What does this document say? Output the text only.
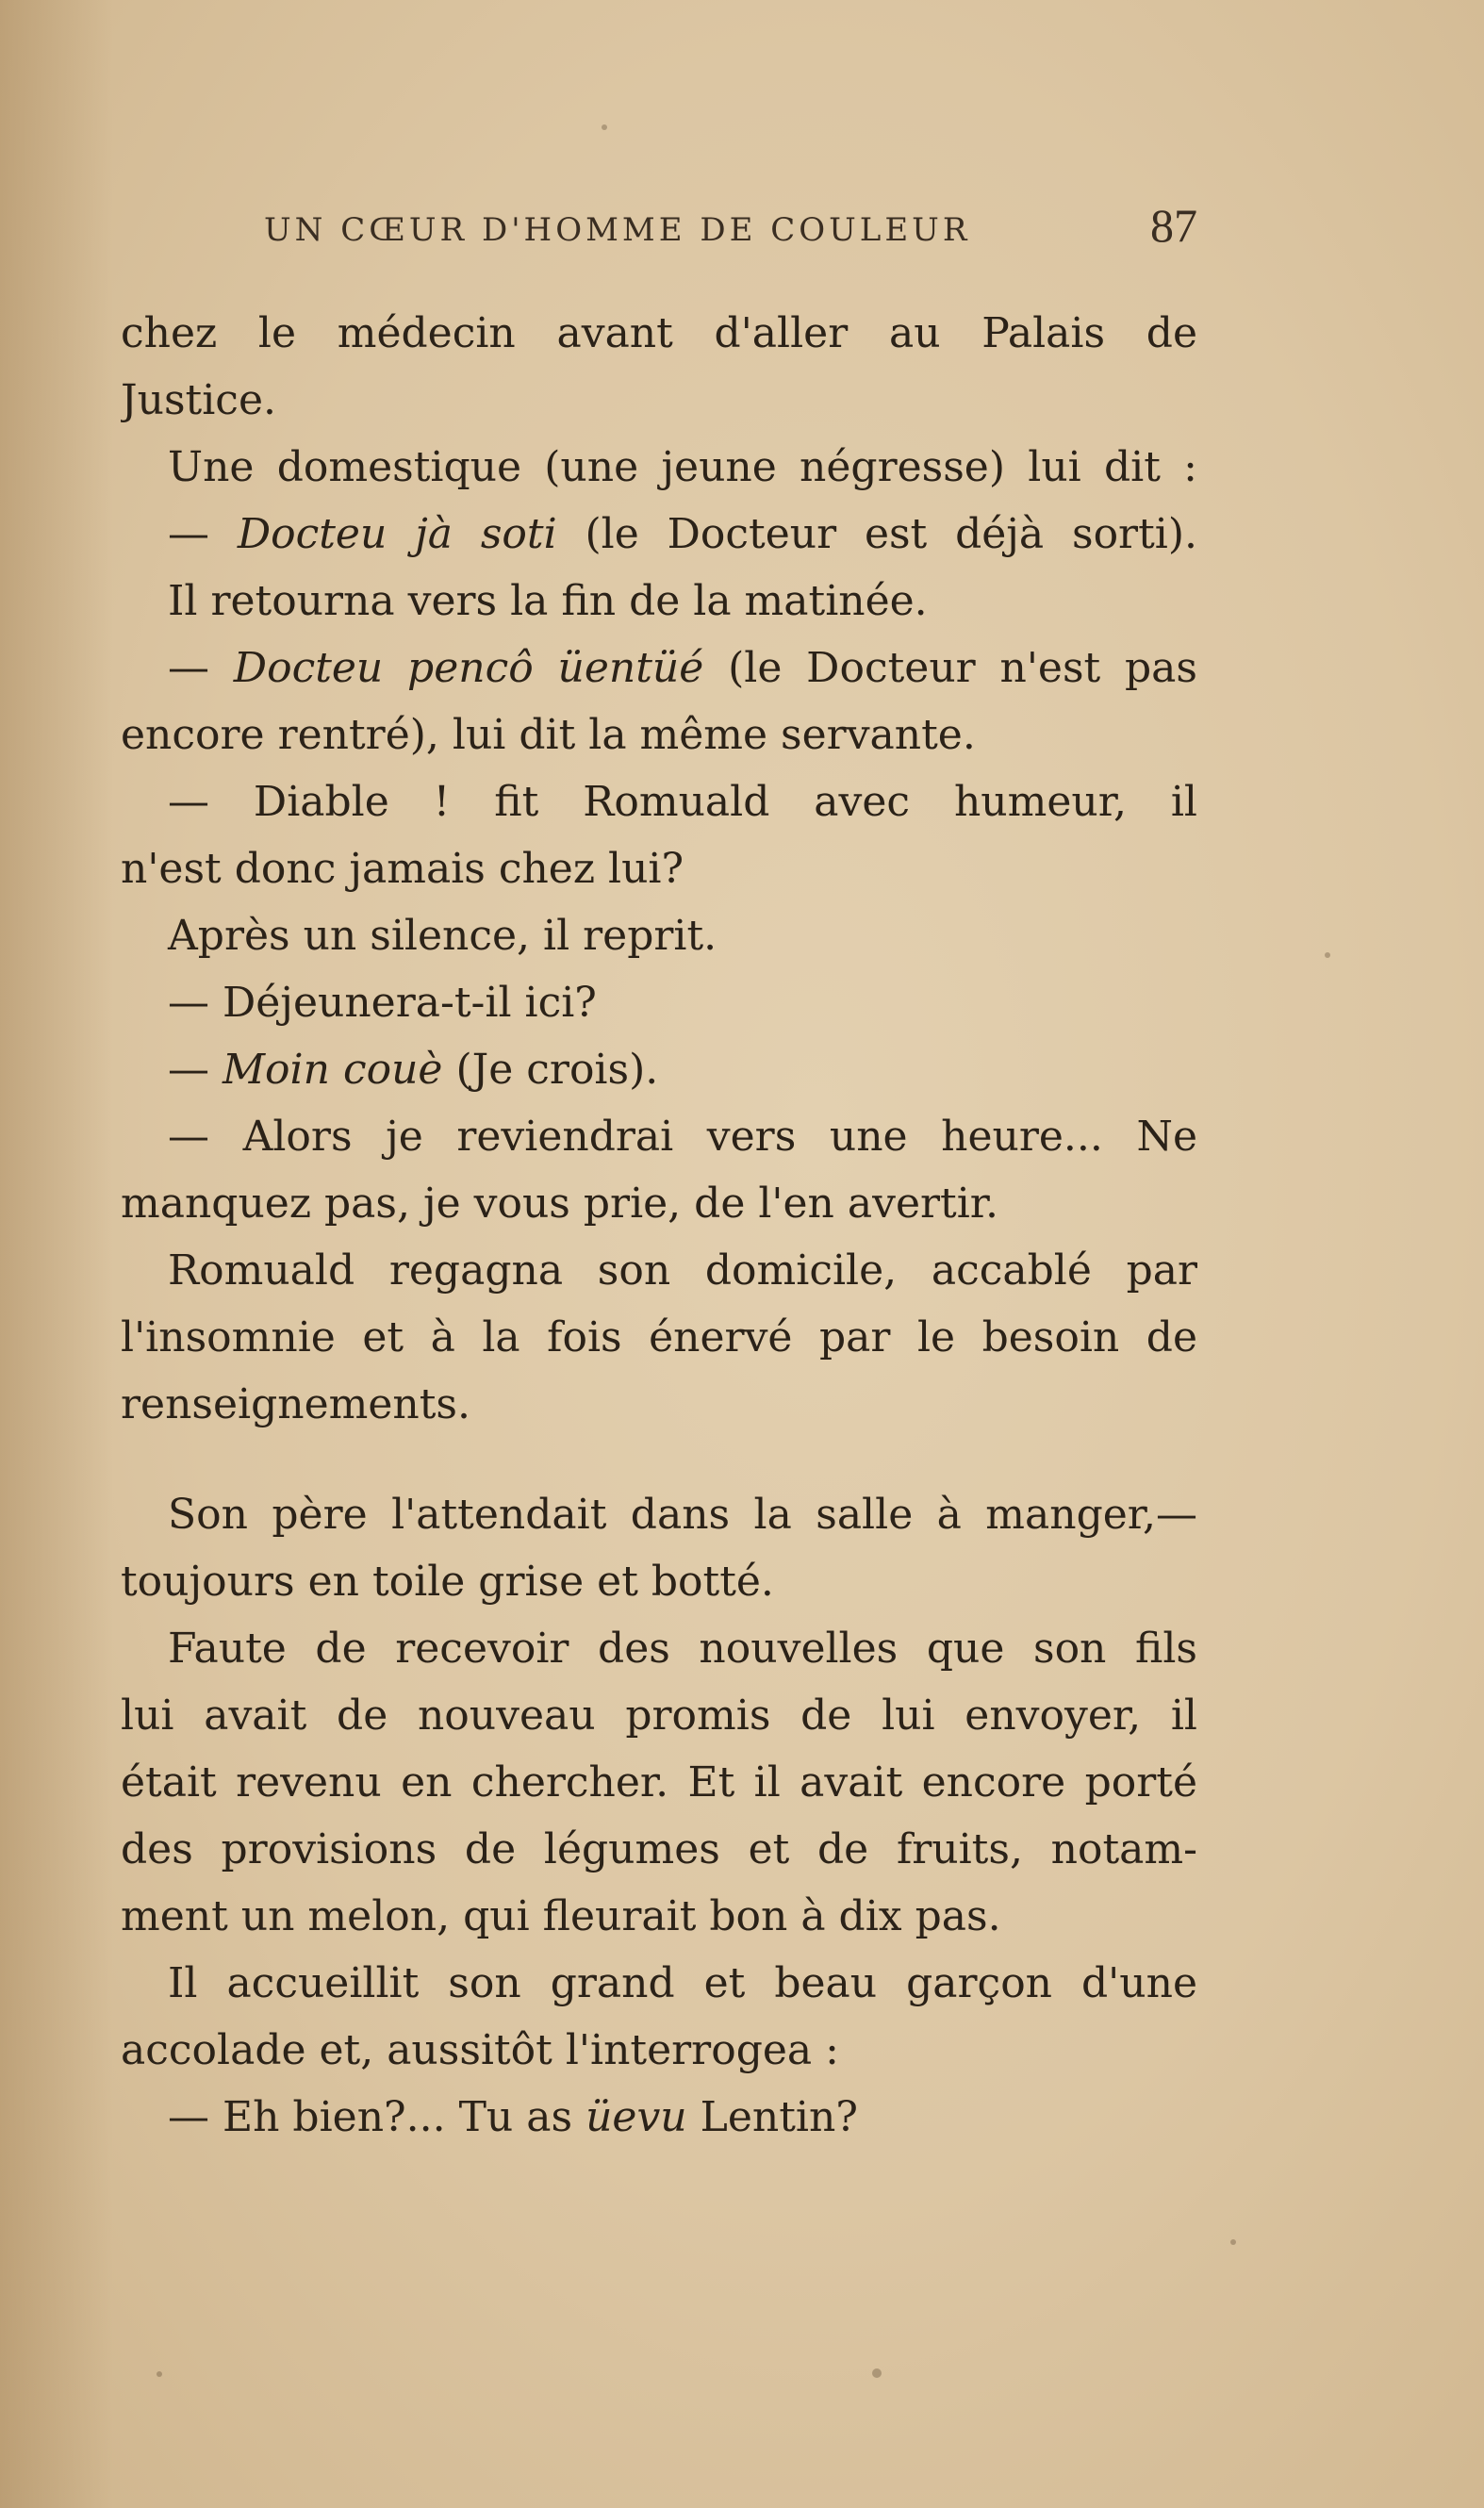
UN CŒUR D'HOMME DE COULEUR	87
chez le médecin avant d'aller au Palais de
Justice.
Une domestique (une jeune négresse) lui dit :
— Docteu jà soti (le Docteur est déjà sorti).
Il retourna vers la fin de la matinée.
— Docteu pencô üentüé (le Docteur n'est pas
encore rentré), lui dit la même servante.
— Diable ! fit Romuald avec humeur, il
n'est donc jamais chez lui?
Après un silence, il reprit.
— Déjeunera-t-il ici?
— Moin couè (Je crois).
— Alors je reviendrai vers une heure... Ne
manquez pas, je vous prie, de l'en avertir.
Romuald regagna son domicile, accablé par
l'insomnie et à la fois énervé par le besoin de
renseignements.
Son père l'attendait dans la salle à manger,—
toujours en toile grise et botté.
Faute de recevoir des nouvelles que son fils
lui avait de nouveau promis de lui envoyer, il
était revenu en chercher. Et il avait encore porté
des provisions de légumes et de fruits, notam-
ment un melon, qui fleurait bon à dix pas.
Il accueillit son grand et beau garçon d'une
accolade et, aussitôt l'interrogea :
— Eh bien?... Tu as üevu Lentin?
